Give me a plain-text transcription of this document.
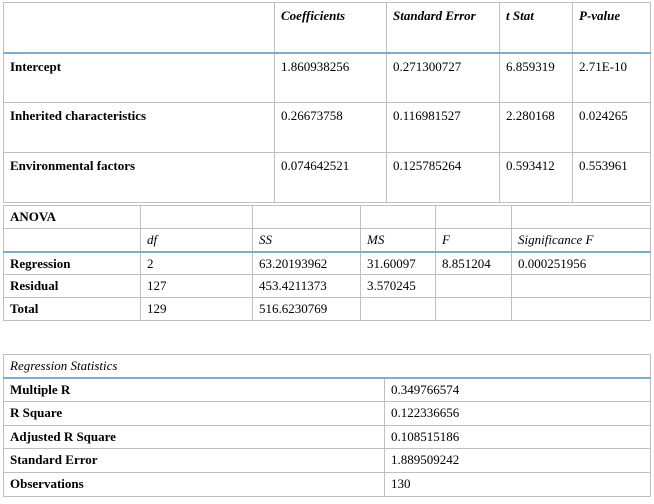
	Coefficients	Standard Error	t Stat	P-value
Intercept	1.860938256	0.271300727	6.859319	2.71E-10
Inherited characteristics	0.26673758	0.116981527	2.280168	0.024265
Environmental factors	0.074642521	0.125785264	0.593412	0.553961
ANOVA					
	df	SS	MS	F	Significance F
Regression	2	63.20193962	31.60097	8.851204	0.000251956
Residual	127	453.4211373	3.570245		
Total	129	516.6230769			
Regression Statistics	
Multiple R	0.349766574
R Square	0.122336656
Adjusted R Square	0.108515186
Standard Error	1.889509242
Observations	130
